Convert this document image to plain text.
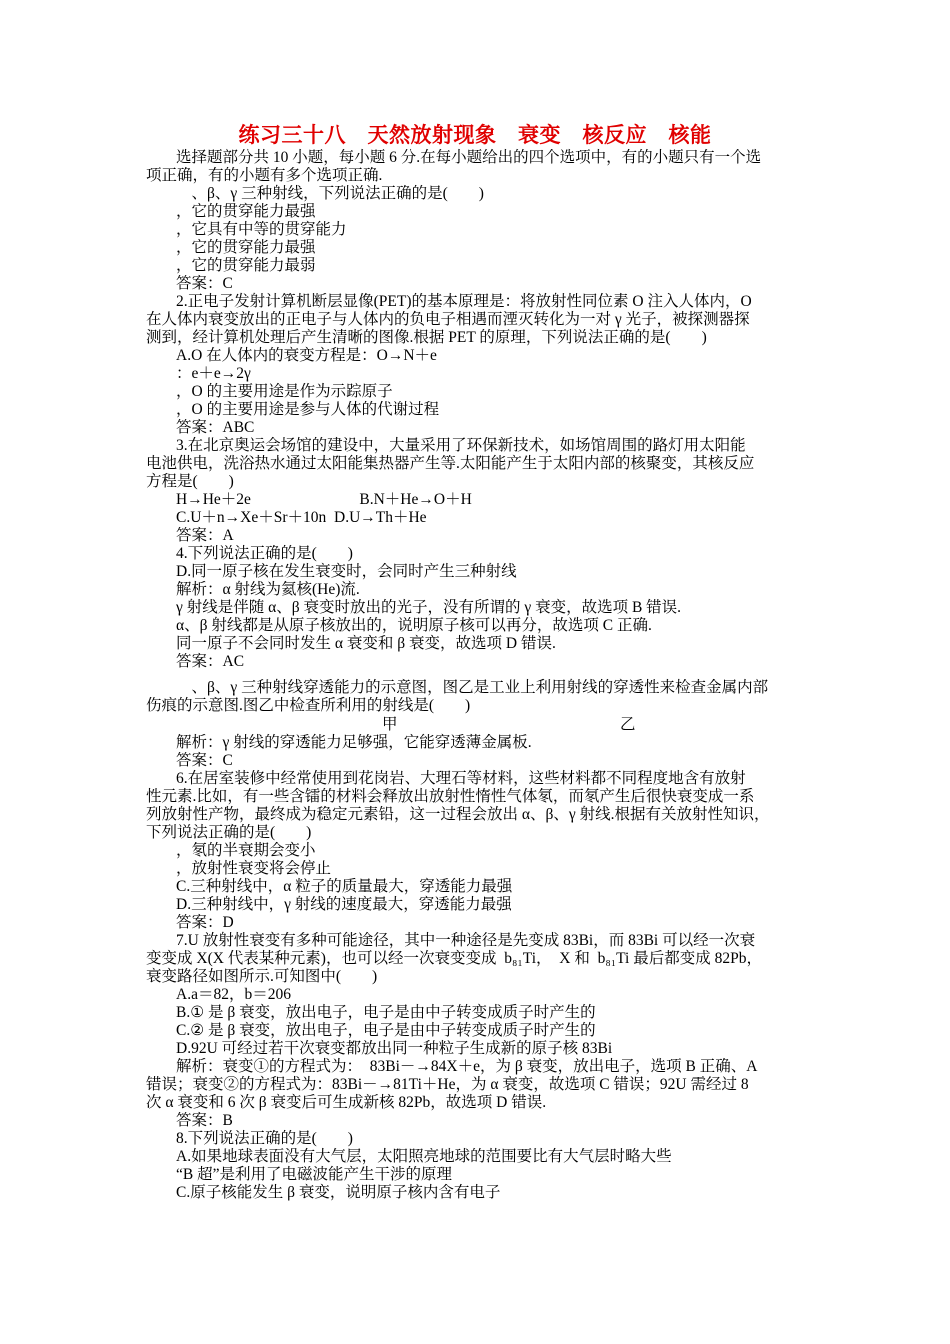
练习三十八　天然放射现象　衰变　核反应　核能
选择题部分共 10 小题，每小题 6 分.在每小题给出的四个选项中，有的小题只有一个选
项正确，有的小题有多个选项正确.
　、β、γ 三种射线，下列说法正确的是(　　)
，它的贯穿能力最强
，它具有中等的贯穿能力
，它的贯穿能力最强
，它的贯穿能力最弱
答案：C
2.正电子发射计算机断层显像(PET)的基本原理是：将放射性同位素 O 注入人体内，O
在人体内衰变放出的正电子与人体内的负电子相遇而湮灭转化为一对 γ 光子，被探测器探
测到，经计算机处理后产生清晰的图像.根据 PET 的原理，下列说法正确的是(　　)
A.O 在人体内的衰变方程是：O→N＋e
：e＋e→2γ
，O 的主要用途是作为示踪原子
，O 的主要用途是参与人体的代谢过程
答案：ABC
3.在北京奥运会场馆的建设中，大量采用了环保新技术，如场馆周围的路灯用太阳能
电池供电，洗浴热水通过太阳能集热器产生等.太阳能产生于太阳内部的核聚变，其核反应
方程是(　　)
H→He＋2e　　　　　　　B.N＋He→O＋H
C.U＋n→Xe＋Sr＋10n  D.U→Th＋He
答案：A
4.下列说法正确的是(　　)
D.同一原子核在发生衰变时，会同时产生三种射线
解析：α 射线为氦核(He)流.
γ 射线是伴随 α、β 衰变时放出的光子，没有所谓的 γ 衰变，故选项 B 错误.
α、β 射线都是从原子核放出的，说明原子核可以再分，故选项 C 正确.
同一原子不会同时发生 α 衰变和 β 衰变，故选项 D 错误.
答案：AC
　、β、γ 三种射线穿透能力的示意图，图乙是工业上利用射线的穿透性来检查金属内部
伤痕的示意图.图乙中检查所利用的射线是(　　)
解析：γ 射线的穿透能力足够强，它能穿透薄金属板.
答案：C
6.在居室装修中经常使用到花岗岩、大理石等材料，这些材料都不同程度地含有放射
性元素.比如，有一些含镭的材料会释放出放射性惰性气体氡，而氡产生后很快衰变成一系
列放射性产物，最终成为稳定元素铅，这一过程会放出 α、β、γ 射线.根据有关放射性知识，
下列说法正确的是(　　)
，氡的半衰期会变小
，放射性衰变将会停止
C.三种射线中，α 粒子的质量最大，穿透能力最强
D.三种射线中，γ 射线的速度最大，穿透能力最强
答案：D
7.U 放射性衰变有多种可能途径，其中一种途径是先变成 83Bi，而 83Bi 可以经一次衰
变变成 X(X 代表某种元素)，也可以经一次衰变变成  b₈₁Ti，  X 和  b₈₁Ti 最后都变成 82Pb，
衰变路径如图所示.可知图中(　　)
A.a＝82，b＝206
B.① 是 β 衰变，放出电子，电子是由中子转变成质子时产生的
C.② 是 β 衰变，放出电子，电子是由中子转变成质子时产生的
D.92U 可经过若干次衰变都放出同一种粒子生成新的原子核 83Bi
解析：衰变①的方程式为：  83Bi－→84X＋e，为 β 衰变，放出电子，选项 B 正确、A
错误；衰变②的方程式为：83Bi－→81Ti＋He，为 α 衰变，故选项 C 错误；92U 需经过 8
次 α 衰变和 6 次 β 衰变后可生成新核 82Pb，故选项 D 错误.
答案：B
8.下列说法正确的是(　　)
A.如果地球表面没有大气层，太阳照亮地球的范围要比有大气层时略大些
“B 超”是利用了电磁波能产生干涉的原理
C.原子核能发生 β 衰变，说明原子核内含有电子
甲	乙
